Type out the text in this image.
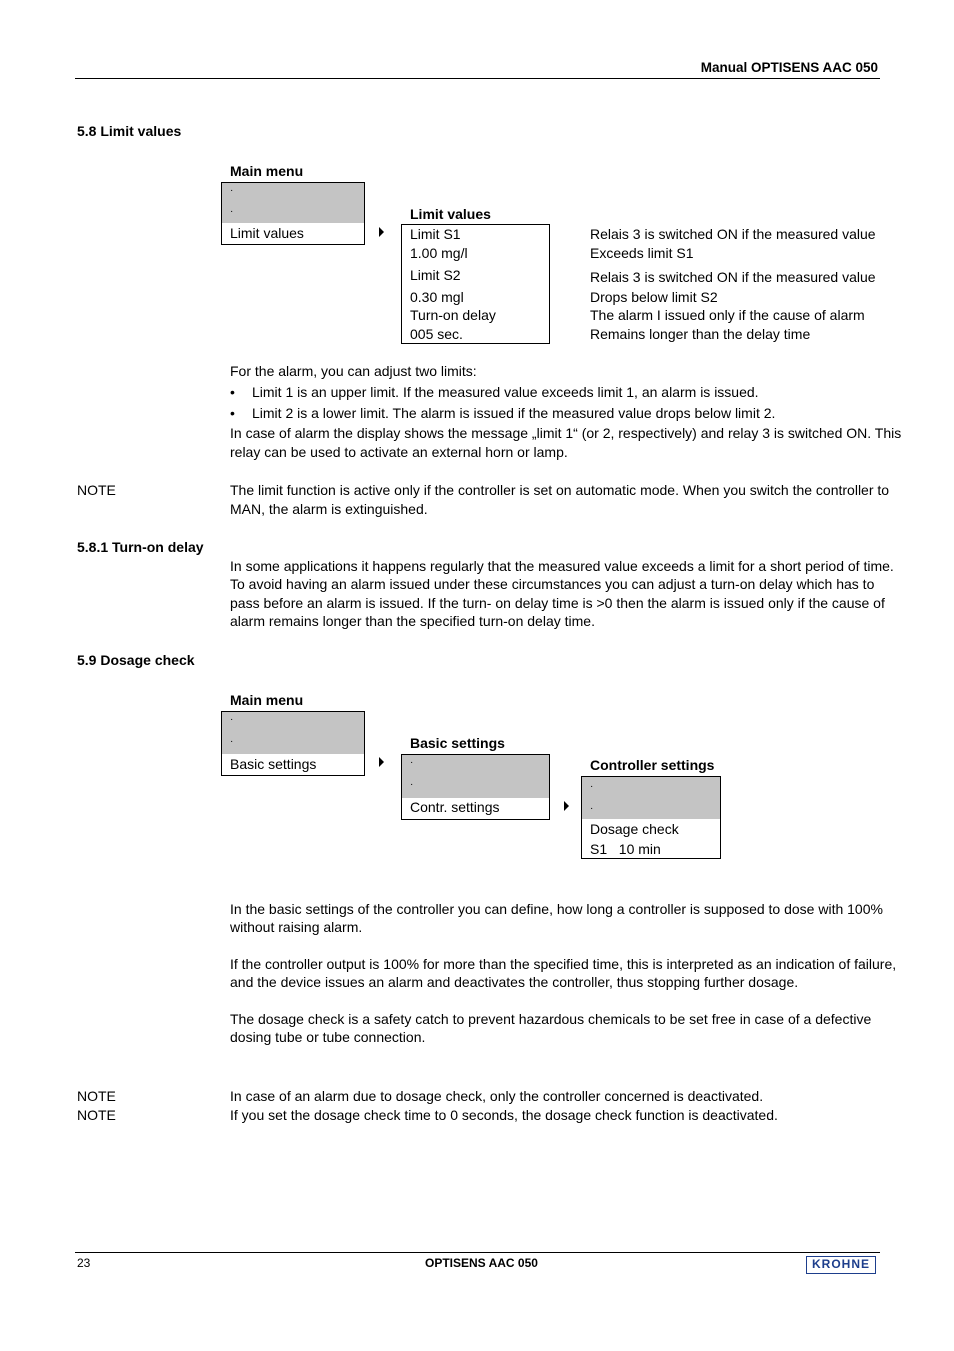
Manual OPTISENS AAC 050
5.8 Limit values
Main menu
·
·
Limit values
Limit values
Limit S1
1.00 mg/l
Limit S2
0.30 mgl
Turn-on delay
005 sec.
Relais 3 is switched ON if the measured value
Exceeds limit S1
Relais 3 is switched ON if the measured value
Drops below limit S2
The alarm I issued only if the cause of alarm
Remains longer than the delay time
For the alarm, you can adjust two limits:
• Limit 1 is an upper limit. If the measured value exceeds limit 1, an alarm is issued.
• Limit 2 is a lower limit. The alarm is issued if the measured value drops below limit 2.
In case of alarm the display shows the message „limit 1“ (or 2, respectively) and relay 3 is switched ON. This
relay can be used to activate an external horn or lamp.
NOTE	The limit function is active only if the controller is set on automatic mode. When you switch the controller to
MAN, the alarm is extinguished.
5.8.1 Turn-on delay
In some applications it happens regularly that the measured value exceeds a limit for a short period of time.
To avoid having an alarm issued under these circumstances you can adjust a turn-on delay which has to
pass before an alarm is issued. If the turn- on delay time is >0 then the alarm is issued only if the cause of
alarm remains longer than the specified turn-on delay time.
5.9 Dosage check
Main menu
·
·
Basic settings
Basic settings
·
·
Contr. settings
Controller settings
·
·
Dosage check
S1   10 min
In the basic settings of the controller you can define, how long a controller is supposed to dose with 100%
without raising alarm.
If the controller output is 100% for more than the specified time, this is interpreted as an indication of failure,
and the device issues an alarm and deactivates the controller, thus stopping further dosage.
The dosage check is a safety catch to prevent hazardous chemicals to be set free in case of a defective
dosing tube or tube connection.
NOTE	In case of an alarm due to dosage check, only the controller concerned is deactivated.
NOTE	If you set the dosage check time to 0 seconds, the dosage check function is deactivated.
23	OPTISENS AAC 050	KROHNE
